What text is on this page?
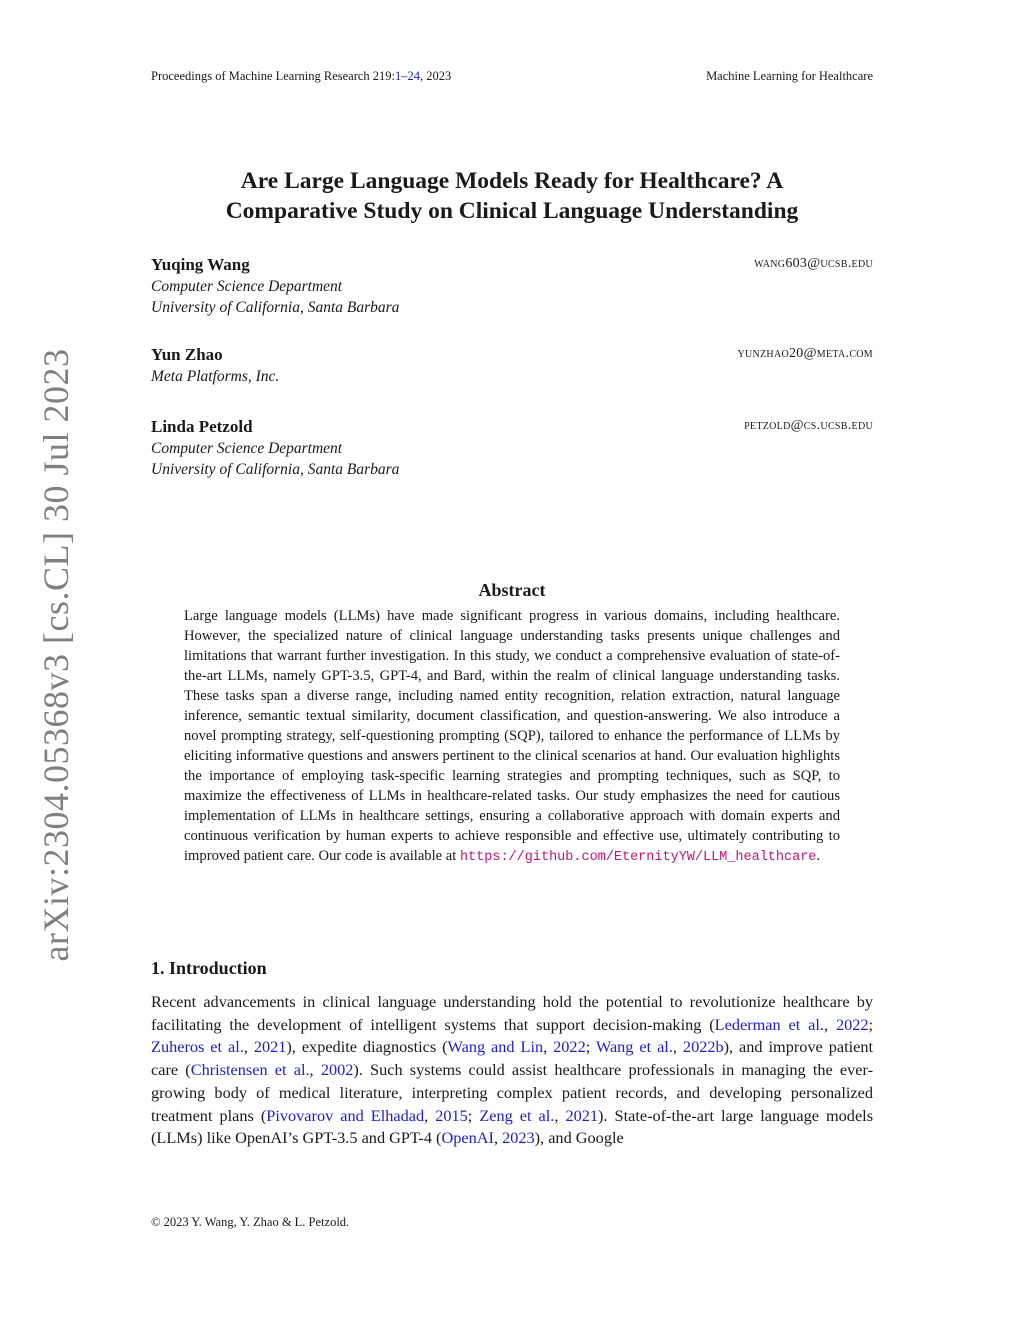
Proceedings of Machine Learning Research 219:1–24, 2023	Machine Learning for Healthcare
Are Large Language Models Ready for Healthcare? A
Comparative Study on Clinical Language Understanding
Yuqing Wang	wang603@ucsb.edu
Computer Science Department
University of California, Santa Barbara
Yun Zhao	yunzhao20@meta.com
Meta Platforms, Inc.
Linda Petzold	petzold@cs.ucsb.edu
Computer Science Department
University of California, Santa Barbara
arXiv:2304.05368v3 [cs.CL] 30 Jul 2023	Abstract
Large language models (LLMs) have made significant progress in various domains, including healthcare. However, the specialized nature of clinical language understanding tasks presents unique challenges and limitations that warrant further investigation. In this study, we conduct a comprehensive evaluation of state-of-the-art LLMs, namely GPT-3.5, GPT-4, and Bard, within the realm of clinical language understanding tasks. These tasks span a diverse range, including named entity recognition, relation extraction, natural language inference, semantic textual similarity, document classification, and question-answering. We also introduce a novel prompting strategy, self-questioning prompting (SQP), tailored to enhance the performance of LLMs by eliciting informative questions and answers pertinent to the clinical scenarios at hand. Our evaluation highlights the importance of employing task-specific learning strategies and prompting techniques, such as SQP, to maximize the effectiveness of LLMs in healthcare-related tasks. Our study emphasizes the need for cautious implementation of LLMs in healthcare settings, ensuring a collaborative approach with domain experts and continuous verification by human experts to achieve responsible and effective use, ultimately contributing to improved patient care. Our code is available at https://github.com/EternityYW/LLM_healthcare.
1. Introduction
Recent advancements in clinical language understanding hold the potential to revolutionize healthcare by facilitating the development of intelligent systems that support decision-making (Lederman et al., 2022; Zuheros et al., 2021), expedite diagnostics (Wang and Lin, 2022; Wang et al., 2022b), and improve patient care (Christensen et al., 2002). Such systems could assist healthcare professionals in managing the ever-growing body of medical literature, interpreting complex patient records, and developing personalized treatment plans (Pivovarov and Elhadad, 2015; Zeng et al., 2021). State-of-the-art large language models (LLMs) like OpenAI’s GPT-3.5 and GPT-4 (OpenAI, 2023), and Google
© 2023 Y. Wang, Y. Zhao & L. Petzold.
